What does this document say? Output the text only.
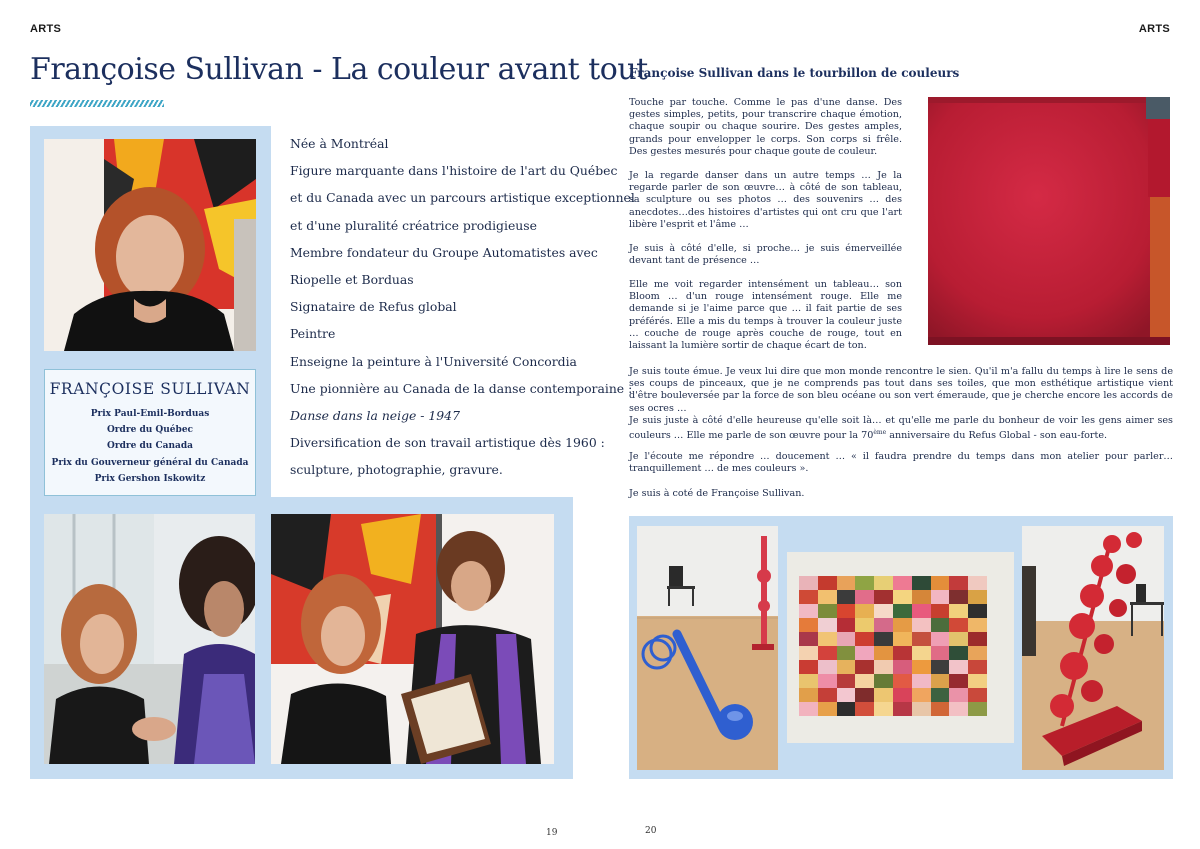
ARTS	ARTS
Françoise Sullivan - La couleur avant tout
FRANÇOISE SULLIVAN
Prix Paul-Emil-Borduas
Ordre du Québec
Ordre du Canada
Prix du Gouverneur général du Canada
Prix Gershon Iskowitz
Née à Montréal
Figure marquante dans l'histoire de l'art du Québec
et du Canada avec un parcours artistique exceptionnel
et d'une pluralité créatrice prodigieuse
Membre fondateur du Groupe Automatistes avec
Riopelle et Borduas
Signataire de Refus global
Peintre
Enseigne la peinture à l'Université Concordia
Une pionnière au Canada de la danse contemporaine :
Danse dans la neige - 1947
Diversification de son travail artistique dès 1960 :
sculpture, photographie, gravure.
Françoise Sullivan dans le tourbillon de couleurs
Touche par touche. Comme le pas d'une danse. Des gestes simples, petits, pour transcrire chaque émotion, chaque soupir ou chaque sourire. Des gestes amples, grands pour envelopper le corps. Son corps si frêle. Des gestes mesurés pour chaque goute de couleur.
Je la regarde danser dans un autre temps … Je la regarde parler de son œuvre… à côté de son tableau, sa sculpture ou ses photos … des souvenirs … des anecdotes…des histoires d'artistes qui ont cru que l'art libère l'esprit et l'âme …
Je suis à côté d'elle, si proche… je suis émerveillée devant tant de présence …
Elle me voit regarder intensément un tableau… son Bloom … d'un rouge intensément rouge. Elle me demande si je l'aime parce que … il fait partie de ses préférés. Elle a mis du temps à trouver la couleur juste … couche de rouge après couche de rouge, tout en laissant la lumière sortir de chaque écart de ton.
Je suis toute émue. Je veux lui dire que mon monde rencontre le sien. Qu'il m'a fallu du temps à lire le sens de ses coups de pinceaux, que je ne comprends pas tout dans ses toiles, que mon esthétique artistique vient d'être bouleversée par la force de son bleu océane ou son vert émeraude, que je cherche encore les accords de ses ocres …
Je suis juste à côté d'elle heureuse qu'elle soit là… et qu'elle me parle du bonheur de voir les gens aimer ses couleurs … Elle me parle de son œuvre pour la 70ème anniversaire du Refus Global - son eau-forte.
Je l'écoute me répondre … doucement … « il faudra prendre du temps dans mon atelier pour parler… tranquillement … de mes couleurs ».
Je suis à coté de Françoise Sullivan.
19	20
